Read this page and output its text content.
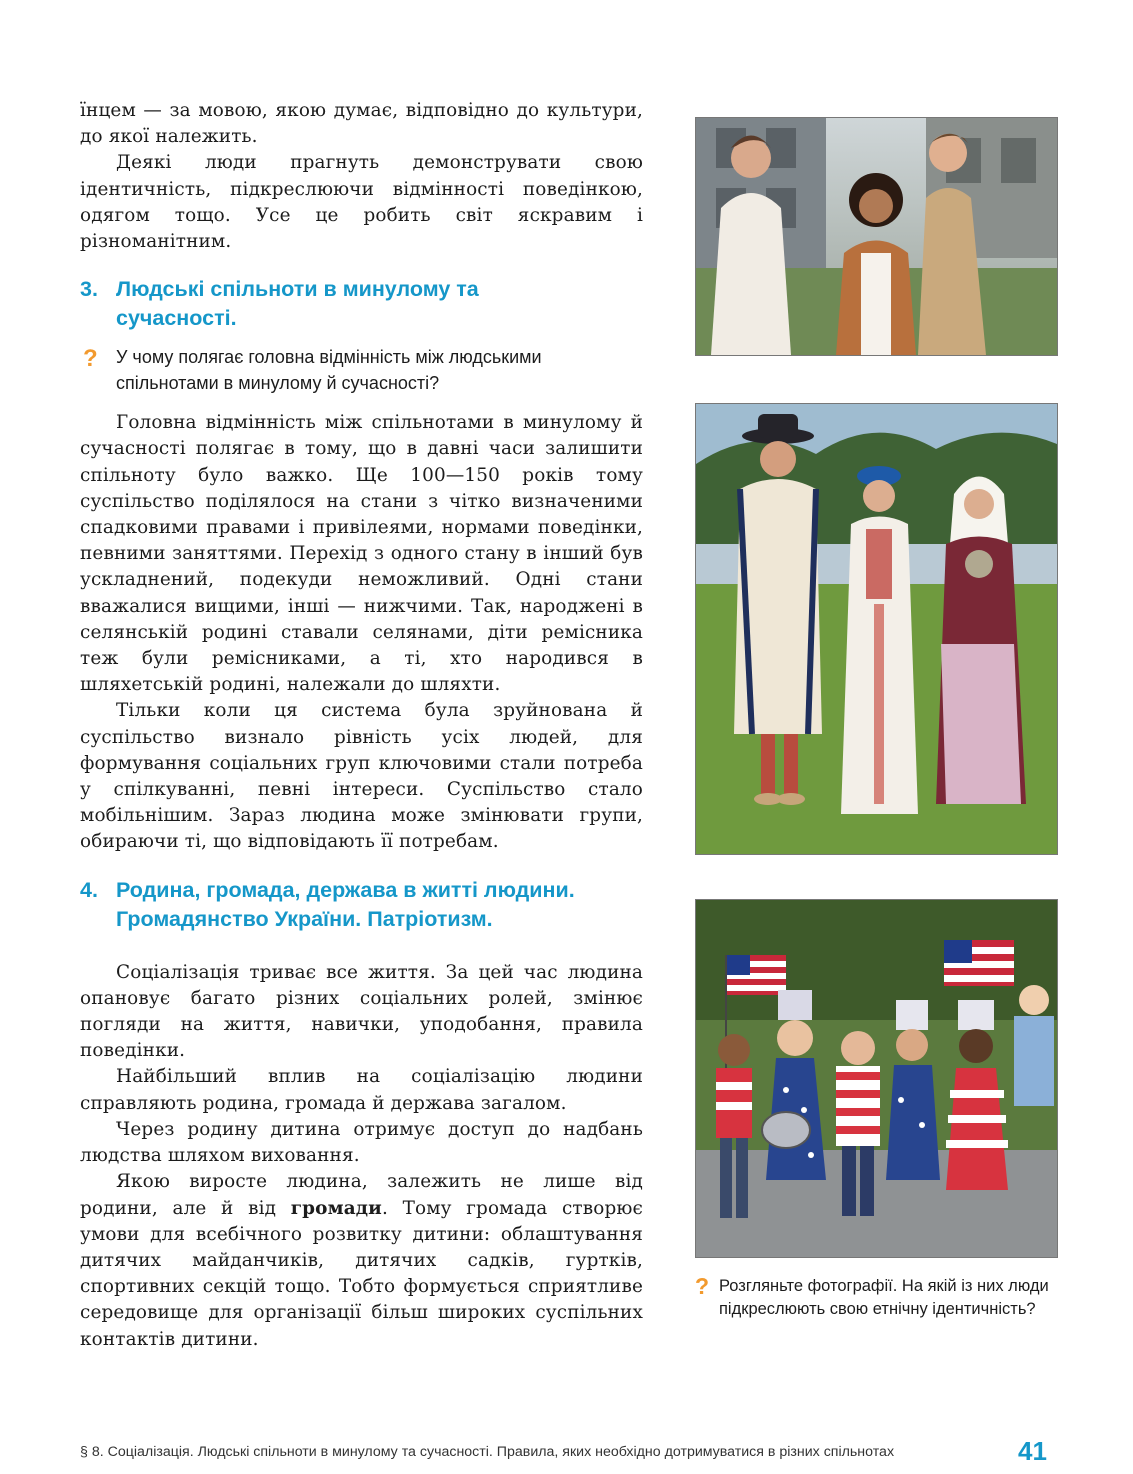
їнцем — за мовою, якою думає, відповідно до культури, до якої належить.

Деякі люди прагнуть демонструвати свою ідентичність, підкреслюючи відмінності поведінкою, одягом тощо. Усе це робить світ яскравим і різноманітним.

3. Людські спільноти в минулому та сучасності.
? У чому полягає головна відмінність між людськими спільнотами в минулому й сучасності?

Головна відмінність між спільнотами в минулому й сучасності полягає в тому, що в давні часи залишити спільноту було важко. Ще 100—150 років тому суспільство поділялося на стани з чітко визначеними спадковими правами і привілеями, нормами поведінки, певними заняттями. Перехід з одного стану в інший був ускладнений, подекуди неможливий. Одні стани вважалися вищими, інші — нижчими. Так, народжені в селянській родині ставали селянами, діти ремісника теж були ремісниками, а ті, хто народився в шляхетській родині, належали до шляхти.

Тільки коли ця система була зруйнована й суспільство визнало рівність усіх людей, для формування соціальних груп ключовими стали потреба у спілкуванні, певні інтереси. Суспільство стало мобільнішим. Зараз людина може змінювати групи, обираючи ті, що відповідають її потребам.

4. Родина, громада, держава в житті людини. Громадянство України. Патріотизм.

Соціалізація триває все життя. За цей час людина опановує багато різних соціальних ролей, змінює погляди на життя, навички, уподобання, правила поведінки.

Найбільший вплив на соціалізацію людини справляють родина, громада й держава загалом.

Через родину дитина отримує доступ до надбань людства шляхом виховання.

Якою виросте людина, залежить не лише від родини, але й від громади. Тому громада створює умови для всебічного розвитку дитини: облаштування дитячих майданчиків, дитячих садків, гуртків, спортивних секцій тощо. Тобто формується сприятливе середовище для організації більш широких суспільних контактів дитини.

? Розгляньте фотографії. На якій із них люди підкреслюють свою етнічну ідентичність?
§ 8. Соціалізація. Людські спільноти в минулому та сучасності. Правила, яких необхідно дотримуватися в різних спільнотах	41
